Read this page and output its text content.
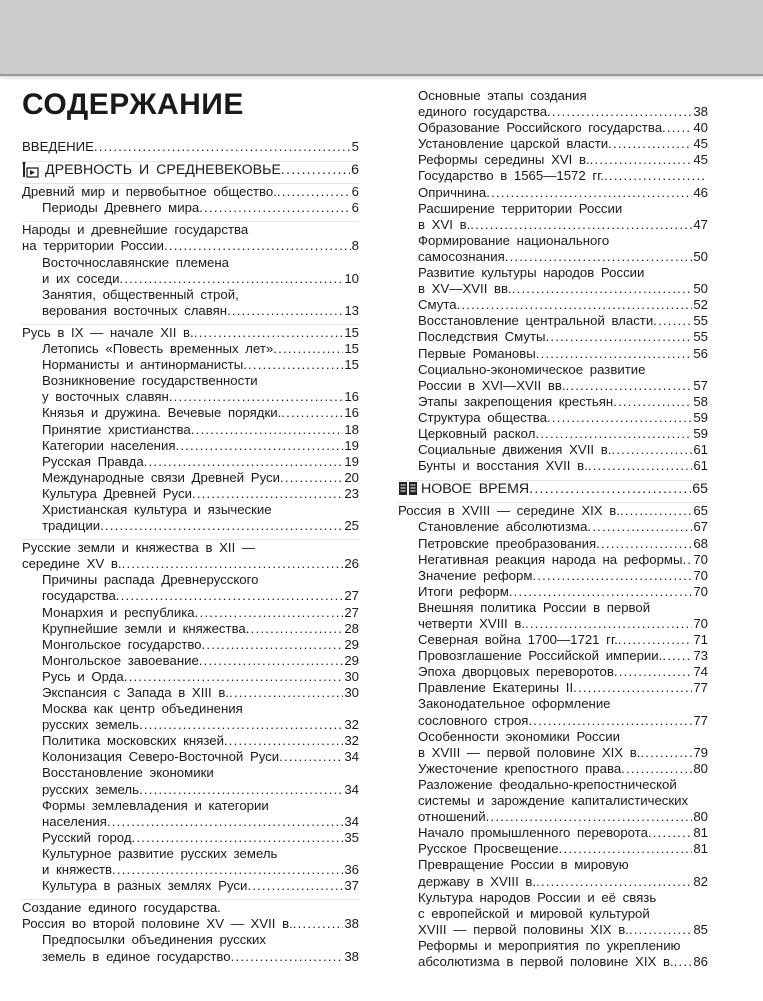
СОДЕРЖАНИЕ
ВВЕДЕНИЕ .....	5
ДРЕВНОСТЬ И СРЕДНЕВЕКОВЬЕ .....	6
Древний мир и первобытное общество. .....	6
Периоды Древнего мира .....	6
Народы и древнейшие государства
на территории России .....	8
Восточнославянские племена
и их соседи .....	10
Занятия, общественный строй,
верования восточных славян .....	13
Русь в IX — начале XII в. .....	15
Летопись «Повесть временных лет» .....	15
Норманисты и антинорманисты .....	15
Возникновение государственности
у восточных славян .....	16
Князья и дружина. Вечевые порядки. .....	16
Принятие христианства .....	18
Категории населения .....	19
Русская Правда .....	19
Международные связи Древней Руси .....	20
Культура Древней Руси .....	23
Христианская культура и языческие
традиции .....	25
Русские земли и княжества в XII —
середине XV в. .....	26
Причины распада Древнерусского
государства .....	27
Монархия и республика .....	27
Крупнейшие земли и княжества .....	28
Монгольское государство .....	29
Монгольское завоевание .....	29
Русь и Орда .....	30
Экспансия с Запада в XIII в. .....	30
Москва как центр объединения
русских земель .....	32
Политика московских князей .....	32
Колонизация Северо-Восточной Руси .....	34
Восстановление экономики
русских земель .....	34
Формы землевладения и категории
населения .....	34
Русский город .....	35
Культурное развитие русских земель
и княжеств .....	36
Культура в разных землях Руси .....	37
Создание единого государства.
Россия во второй половине XV — XVII в. .....	38
Предпосылки объединения русских
земель в единое государство .....	38
Основные этапы создания
единого государства .....	38
Образование Российского государства ..... 40
Установление царской власти .....	45
Реформы середины XVI в. .....	45
Государство в 1565—1572 гг.
.....
Опричнина .....	46
Расширение территории России
в XVI в. .....	47
Формирование национального
самосознания .....	50
Развитие культуры народов России
в XV—XVII вв. .....	50
Смута .....	52
Восстановление центральной власти .....	55
Последствия Смуты .....	55
Первые Романовы .....	56
Социально-экономическое развитие
России в XVI—XVII вв. .....	57
Этапы закрепощения крестьян .....	58
Структура общества .....	59
Церковный раскол .....	59
Социальные движения XVII в. .....	61
Бунты и восстания XVII в. .....	61
НОВОЕ ВРЕМЯ .....	65
Россия в XVIII — середине XIX в. .....	65
Становление абсолютизма .....	67
Петровские преобразования .....	68
Негативная реакция народа на реформы ..... 70
Значение реформ .....	70
Итоги реформ .....	70
Внешняя политика России в первой
четверти XVIII в. .....	70
Северная война 1700—1721 гг. .....	71
Провозглашение Российской империи. ..... 73
Эпоха дворцовых переворотов .....	74
Правление Екатерины II .....	77
Законодательное оформление
сословного строя .....	77
Особенности экономики России
в XVIII — первой половине XIX в. .....	79
Ужесточение крепостного права .....	80
Разложение феодально-крепостнической
системы и зарождение капиталистических
отношений .....	80
Начало промышленного переворота .....	81
Русское Просвещение .....	81
Превращение России в мировую
державу в XVIII в. .....	82
Культура народов России и её связь
с европейской и мировой культурой
XVIII — первой половины XIX в. .....	85
Реформы и мероприятия по укреплению
абсолютизма в первой половине XIX в. ..... 86
